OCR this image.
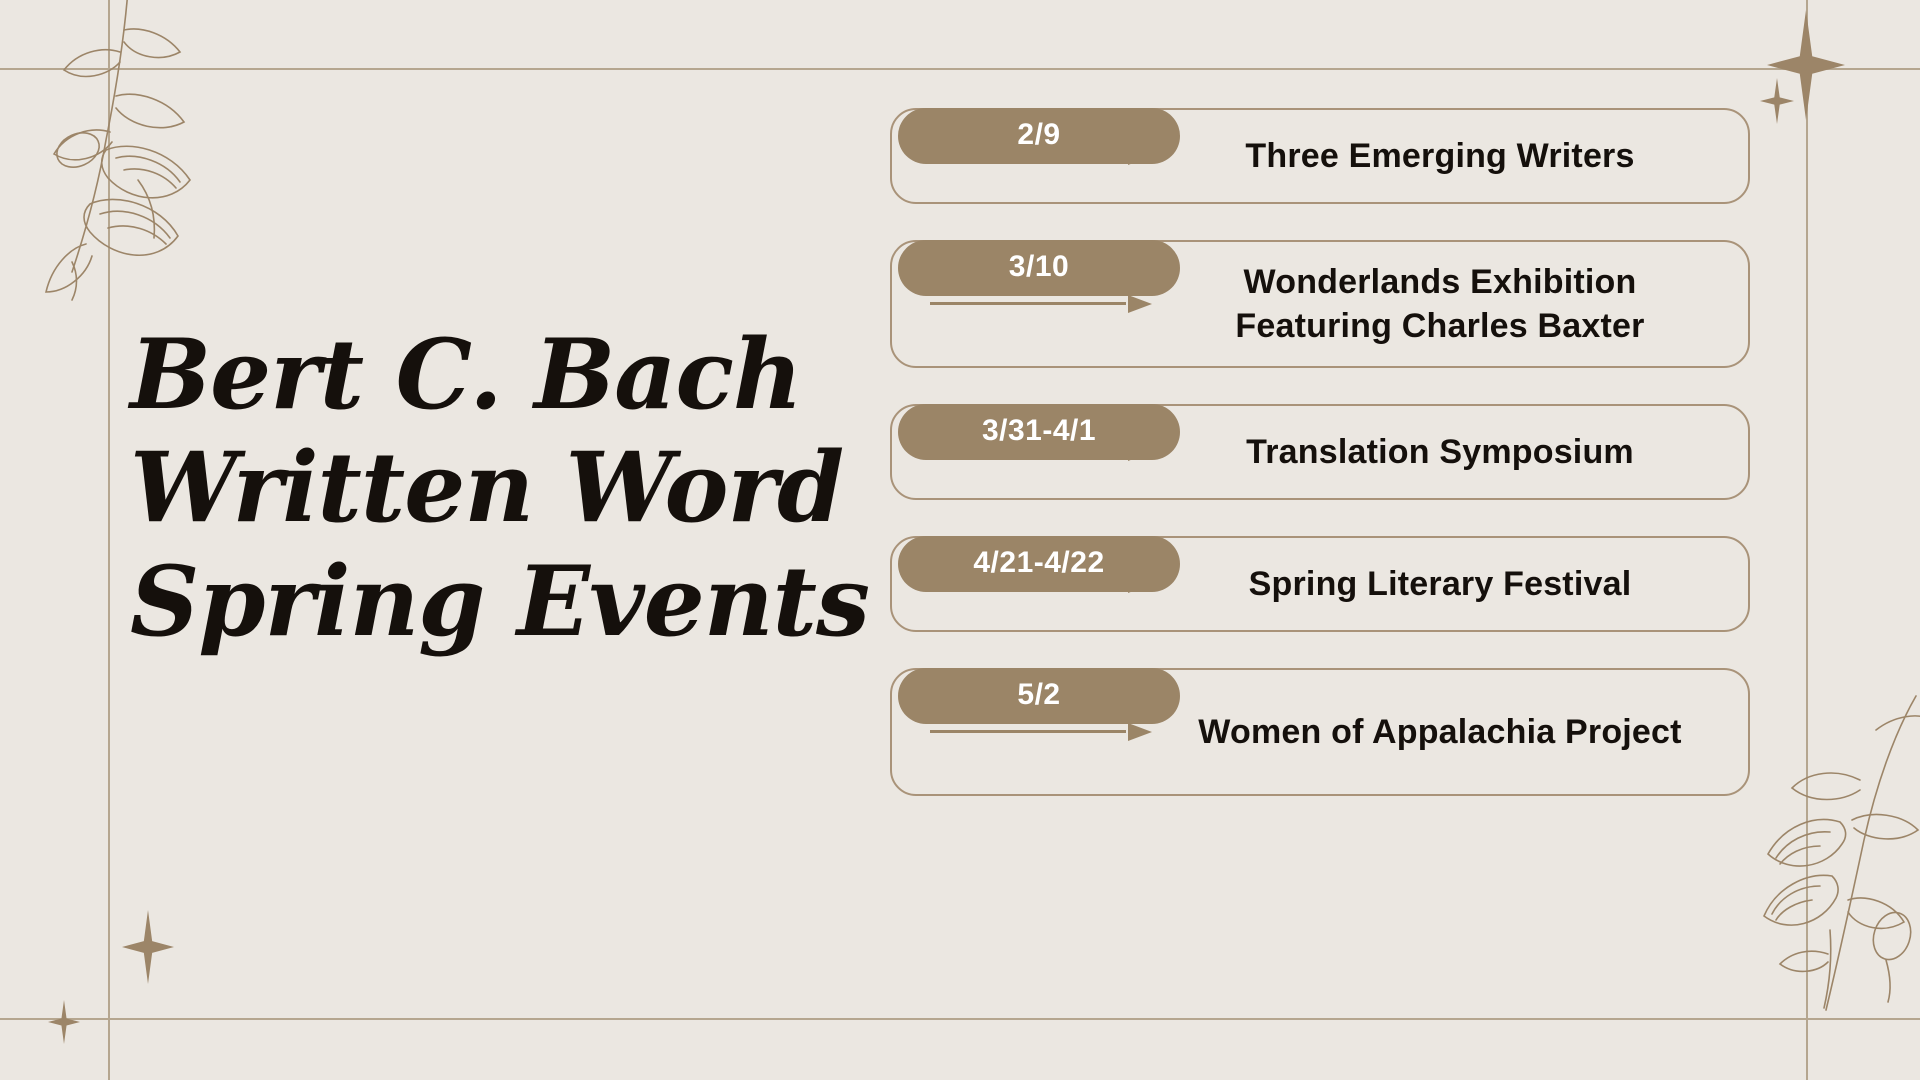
Bert C. Bach
Written Word
Spring Events
2/9
Three Emerging Writers
3/10	Wonderlands Exhibition Featuring Charles Baxter
3/31-4/1
Translation Symposium
4/21-4/22
Spring Literary Festival
5/2
Women of Appalachia Project
